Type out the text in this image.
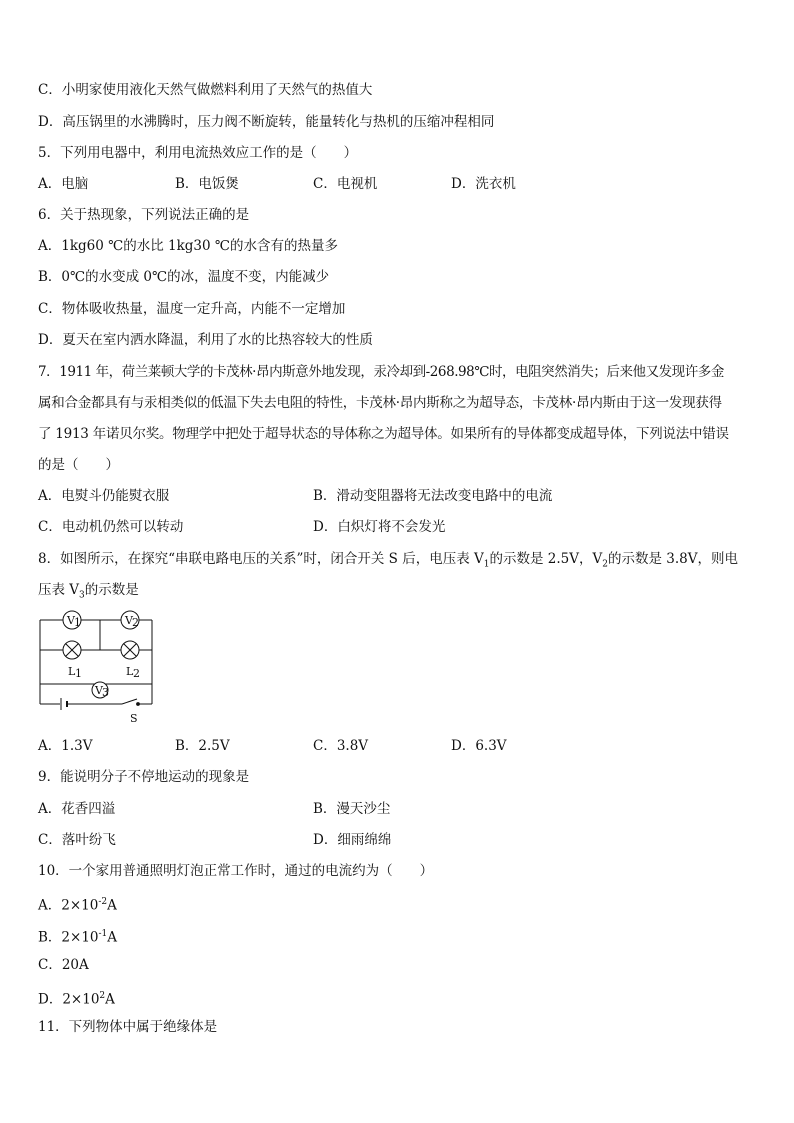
C．小明家使用液化天然气做燃料利用了天然气的热值大
D．高压锅里的水沸腾时，压力阀不断旋转，能量转化与热机的压缩冲程相同
5．下列用电器中，利用电流热效应工作的是（　　）
A．电脑	B．电饭煲	C．电视机	D．洗衣机
6．关于热现象，下列说法正确的是
A．1kg60 ℃的水比 1kg30 ℃的水含有的热量多
B．0℃的水变成 0℃的冰，温度不变，内能减少
C．物体吸收热量，温度一定升高，内能不一定增加
D．夏天在室内洒水降温，利用了水的比热容较大的性质
7．1911 年，荷兰莱顿大学的卡茂林·昂内斯意外地发现，汞冷却到-268.98℃时，电阻突然消失；后来他又发现许多金
属和合金都具有与汞相类似的低温下失去电阻的特性，卡茂林·昂内斯称之为超导态，卡茂林·昂内斯由于这一发现获得
了 1913 年诺贝尔奖。物理学中把处于超导状态的导体称之为超导体。如果所有的导体都变成超导体，下列说法中错误
的是（　　）
A．电熨斗仍能熨衣服	B．滑动变阻器将无法改变电路中的电流
C．电动机仍然可以转动	D．白炽灯将不会发光
8．如图所示，在探究“串联电路电压的关系”时，闭合开关 S 后，电压表 $V_1$的示数是 2.5V，$V_2$的示数是 3.8V，则电
压表 $V_3$的示数是
V 1	V 2
L 1	L 2
V 3
S
A．1.3V	B．2.5V	C．3.8V	D．6.3V
9．能说明分子不停地运动的现象是
A．花香四溢	B．漫天沙尘
C．落叶纷飞	D．细雨绵绵
10．一个家用普通照明灯泡正常工作时，通过的电流约为（　　）
A．$2\times 10^{-2}A$
B．$2\times 10^{-1}A$
C．20A
D．$2\times 10^2A$
11．下列物体中属于绝缘体是
